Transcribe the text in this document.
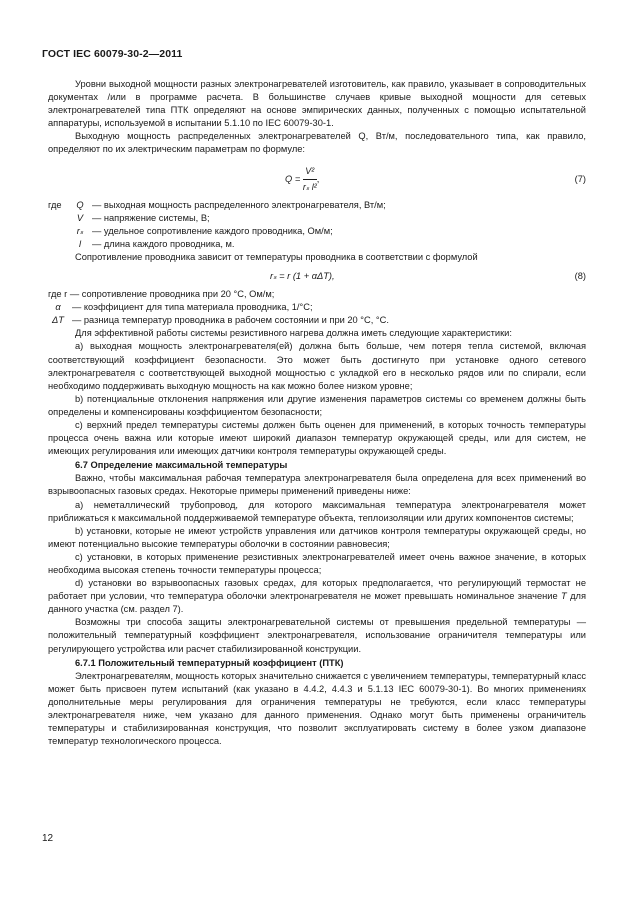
ГОСТ IEC 60079-30-2—2011

Уровни выходной мощности разных электронагревателей изготовитель, как правило, указывает в сопроводительных документах /или в программе расчета. В большинстве случаев кривые выходной мощности для сетевых электронагревателей типа ПТК определяют на основе эмпирических данных, полученных с помощью испытательной аппаратуры, используемой в испытании 5.1.10 по IEC 60079-30-1.

Выходную мощность распределенных электронагревателей Q, Вт/м, последовательного типа, как правило, определяют по их электрическим параметрам по формуле:

$Q = \frac{\text{V²}}{\text{rₛ l²}}$ ,	(7)
где	Q — выходная мощность распределенного электронагревателя, Вт/м;
V — напряжение системы, В;
rₛ — удельное сопротивление каждого проводника, Ом/м;
l	— длина каждого проводника, м.

Сопротивление проводника зависит от температуры проводника в соответствии с формулой

rₛ = r (1 + αΔT),	(8)
где r — сопротивление проводника при 20 °С, Ом/м;
α	— коэффициент для типа материала проводника, 1/°С;
ΔT — разница температур проводника в рабочем состоянии и при 20 °С, °С.

Для эффективной работы системы резистивного нагрева должна иметь следующие характеристики:

а) выходная мощность электронагревателя(ей) должна быть больше, чем потеря тепла системой, включая соответствующий коэффициент безопасности. Это может быть достигнуто при установке одного сетевого электронагревателя с соответствующей выходной мощностью с укладкой его в несколько рядов или по спирали, если необходимо поддерживать выходную мощность на как можно более низком уровне;

b) потенциальные отклонения напряжения или другие изменения параметров системы со временем должны быть определены и компенсированы коэффициентом безопасности;

с) верхний предел температуры системы должен быть оценен для применений, в которых точность температуры процесса очень важна или которые имеют широкий диапазон температур окружающей среды, или для систем, не имеющих регулирования или имеющих датчики контроля температуры окружающей среды.

6.7 Определение максимальной температуры

Важно, чтобы максимальная рабочая температура электронагревателя была определена для всех применений во взрывоопасных газовых средах. Некоторые примеры применений приведены ниже:

а) неметаллический трубопровод, для которого максимальная температура электронагревателя может приближаться к максимальной поддерживаемой температуре объекта, теплоизоляции или других компонентов системы;

b) установки, которые не имеют устройств управления или датчиков контроля температуры окружающей среды, но имеют потенциально высокие температуры оболочки в состоянии равновесия;

с) установки, в которых применение резистивных электронагревателей имеет очень важное значение, в которых необходима высокая степень точности температуры процесса;

d) установки во взрывоопасных газовых средах, для которых предполагается, что регулирующий термостат не работает при условии, что температура оболочки электронагревателя не может превышать номинальное значение T для данного участка (см. раздел 7).

Возможны три способа защиты электронагревательной системы от превышения предельной температуры — положительный температурный коэффициент электронагревателя, использование ограничителя температуры или регулирующего устройства или расчет стабилизированной конструкции.

6.7.1 Положительный температурный коэффициент (ПТК)

Электронагревателям, мощность которых значительно снижается с увеличением температуры, температурный класс может быть присвоен путем испытаний (как указано в 4.4.2, 4.4.3 и 5.1.13 IEC 60079-30-1). Во многих применениях дополнительные меры регулирования для ограничения температуры не требуются, если класс температуры электронагревателя ниже, чем указано для данного применения. Однако могут быть применены ограничитель температуры и стабилизированная конструкция, что позволит эксплуатировать систему в более узком диапазоне температур технологического процесса.

12
